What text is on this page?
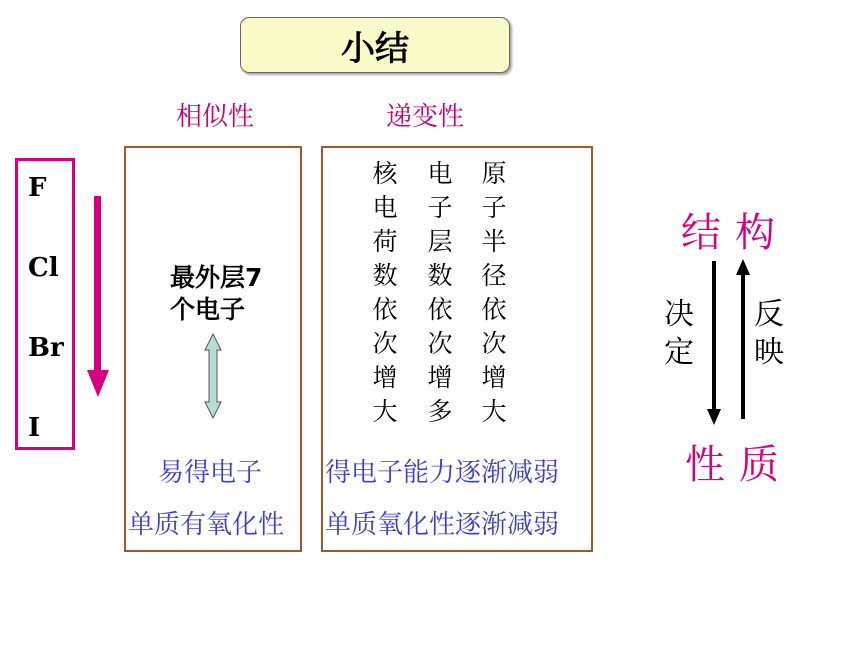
小结
相似性	递变性
F
Cl
Br
I
最外层7
个电子
易得电子
单质有氧化性
核
电
荷
数
依
次
增
大
电
子
层
数
依
次
增
多
原
子
半
径
依
次
增
大
得电子能力逐渐减弱
单质氧化性逐渐减弱
结构
性质
决
定
反
映
